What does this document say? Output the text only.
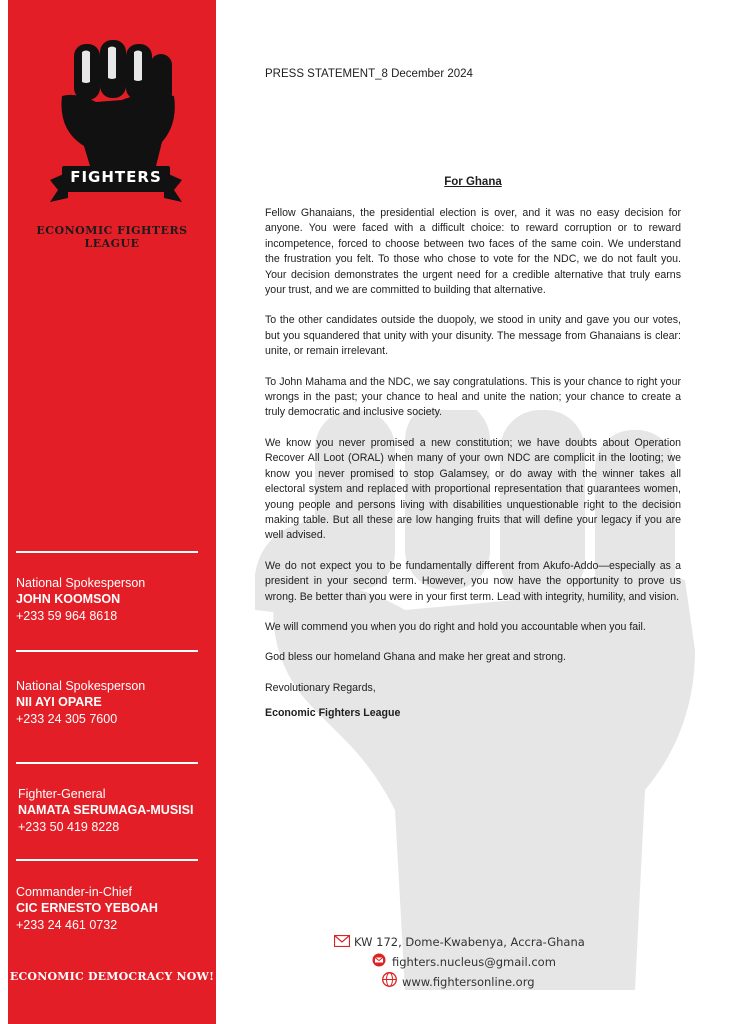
FIGHTERS
ECONOMIC FIGHTERS LEAGUE
National Spokesperson
JOHN KOOMSON
+233 59 964 8618
National Spokesperson
NII AYI OPARE
+233 24 305 7600
Fighter-General
NAMATA SERUMAGA-MUSISI
+233 50 419 8228
Commander-in-Chief
CIC ERNESTO YEBOAH
+233 24 461 0732
ECONOMIC DEMOCRACY NOW!
PRESS STATEMENT_8 December 2024
For Ghana

Fellow Ghanaians, the presidential election is over, and it was no easy decision for anyone. You were faced with a difficult choice: to reward corruption or to reward incompetence, forced to choose between two faces of the same coin. We understand the frustration you felt. To those who chose to vote for the NDC, we do not fault you. Your decision demonstrates the urgent need for a credible alternative that truly earns your trust, and we are committed to building that alternative.

To the other candidates outside the duopoly, we stood in unity and gave you our votes, but you squandered that unity with your disunity. The message from Ghanaians is clear: unite, or remain irrelevant.

To John Mahama and the NDC, we say congratulations. This is your chance to right your wrongs in the past; your chance to heal and unite the nation; your chance to create a truly democratic and inclusive society.

We know you never promised a new constitution; we have doubts about Operation Recover All Loot (ORAL) when many of your own NDC are complicit in the looting; we know you never promised to stop Galamsey, or do away with the winner takes all electoral system and replaced with proportional representation that guarantees women, young people and persons living with disabilities unquestionable right to the decision making table. But all these are low hanging fruits that will define your legacy if you are well advised.

We do not expect you to be fundamentally different from Akufo-Addo—especially as a president in your second term. However, you now have the opportunity to prove us wrong. Be better than you were in your first term. Lead with integrity, humility, and vision.

We will commend you when you do right and hold you accountable when you fail.

God bless our homeland Ghana and make her great and strong.

Revolutionary Regards,

Economic Fighters League

KW 172, Dome-Kwabenya, Accra-Ghana
fighters.nucleus@gmail.com
www.fightersonline.org
